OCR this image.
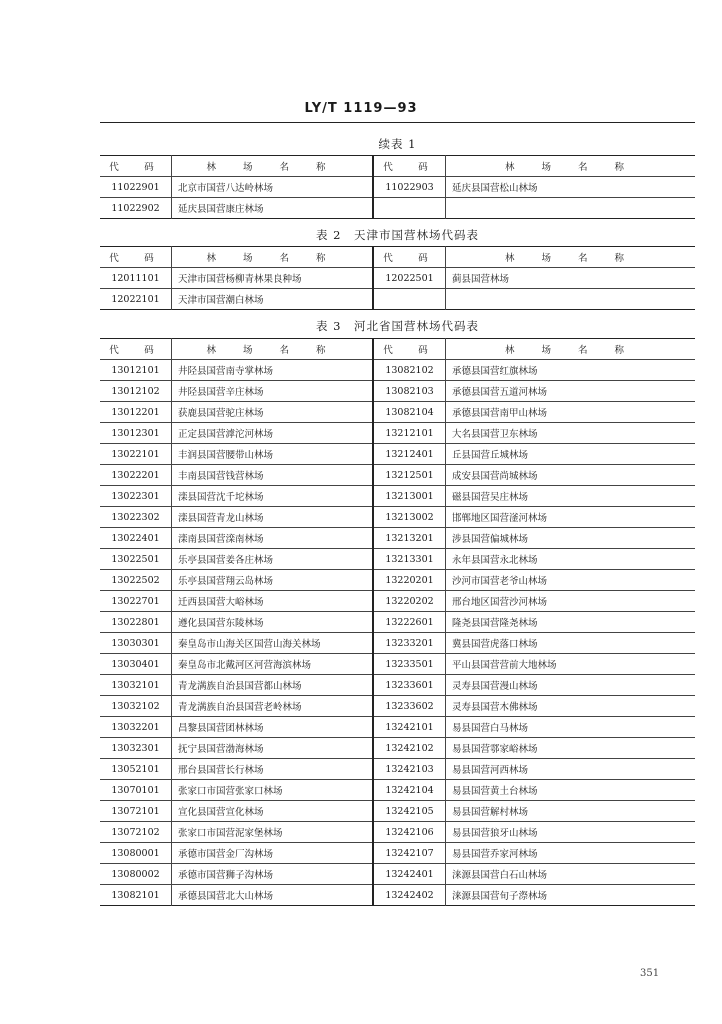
LY/T 1119—93
续表 1
代　码	林 场 名 称	代　码	林 场 名 称
11022901	北京市国营八达岭林场	11022903	延庆县国营松山林场
11022902	延庆县国营康庄林场		
表 2　天津市国营林场代码表
代　码	林 场 名 称	代　码	林 场 名 称
12011101	天津市国营杨柳青林果良种场	12022501	蓟县国营林场
12022101	天津市国营潮白林场		
表 3　河北省国营林场代码表
代　码	林 场 名 称	代　码	林 场 名 称
13012101	井陉县国营南寺掌林场	13082102	承德县国营红旗林场
13012102	井陉县国营辛庄林场	13082103	承德县国营五道河林场
13012201	获鹿县国营驼庄林场	13082104	承德县国营南甲山林场
13012301	正定县国营滹沱河林场	13212101	大名县国营卫东林场
13022101	丰润县国营腰带山林场	13212401	丘县国营丘城林场
13022201	丰南县国营钱营林场	13212501	成安县国营尚城林场
13022301	滦县国营沈千坨林场	13213001	磁县国营吴庄林场
13022302	滦县国营青龙山林场	13213002	邯郸地区国营滏河林场
13022401	滦南县国营滦南林场	13213201	涉县国营偏城林场
13022501	乐亭县国营姜各庄林场	13213301	永年县国营永北林场
13022502	乐亭县国营翔云岛林场	13220201	沙河市国营老爷山林场
13022701	迁西县国营大峪林场	13220202	邢台地区国营沙河林场
13022801	遵化县国营东陵林场	13222601	隆尧县国营隆尧林场
13030301	秦皇岛市山海关区国营山海关林场	13233201	冀县国营虎落口林场
13030401	秦皇岛市北戴河区河营海滨林场	13233501	平山县国营营前大地林场
13032101	青龙满族自治县国营都山林场	13233601	灵寿县国营漫山林场
13032102	青龙满族自治县国营老岭林场	13233602	灵寿县国营木佛林场
13032201	昌黎县国营团林林场	13242101	易县国营白马林场
13032301	抚宁县国营渤海林场	13242102	易县国营鄠家峪林场
13052101	邢台县国营长行林场	13242103	易县国营河西林场
13070101	张家口市国营张家口林场	13242104	易县国营黄土台林场
13072101	宣化县国营宣化林场	13242105	易县国营解村林场
13072102	张家口市国营泥家堡林场	13242106	易县国营狼牙山林场
13080001	承德市国营金厂沟林场	13242107	易县国营乔家河林场
13080002	承德市国营狮子沟林场	13242401	涞源县国营白石山林场
13082101	承德县国营北大山林场	13242402	涞源县国营旬子漈林场
351
